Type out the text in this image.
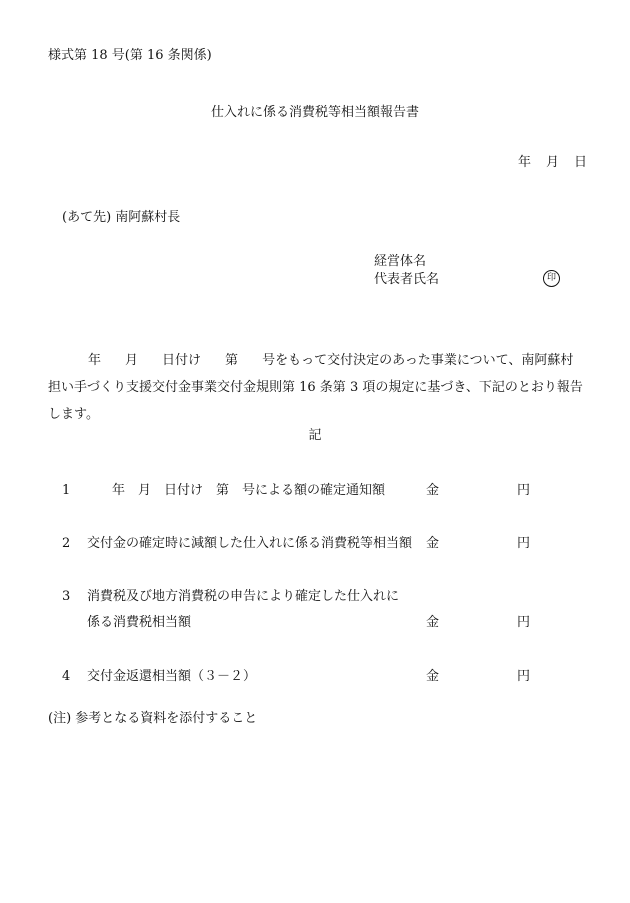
様式第 18 号(第 16 条関係)
仕入れに係る消費税等相当額報告書
年 月 日
(あて先) 南阿蘇村長
経営体名
代表者氏名	印
年 月 日付け 第 号をもって交付決定のあった事業について、南阿蘇村
担い手づくり支援交付金事業交付金規則第 16 条第 3 項の規定に基づき、下記のとおり報告
します。
記
1	年　月　日付け　第　号による額の確定通知額	金	円
2 交付金の確定時に減額した仕入れに係る消費税等相当額 金	円
3 消費税及び地方消費税の申告により確定した仕入れに
係る消費税相当額	金	円
4 交付金返還相当額（３－２）	金	円
(注) 参考となる資料を添付すること
